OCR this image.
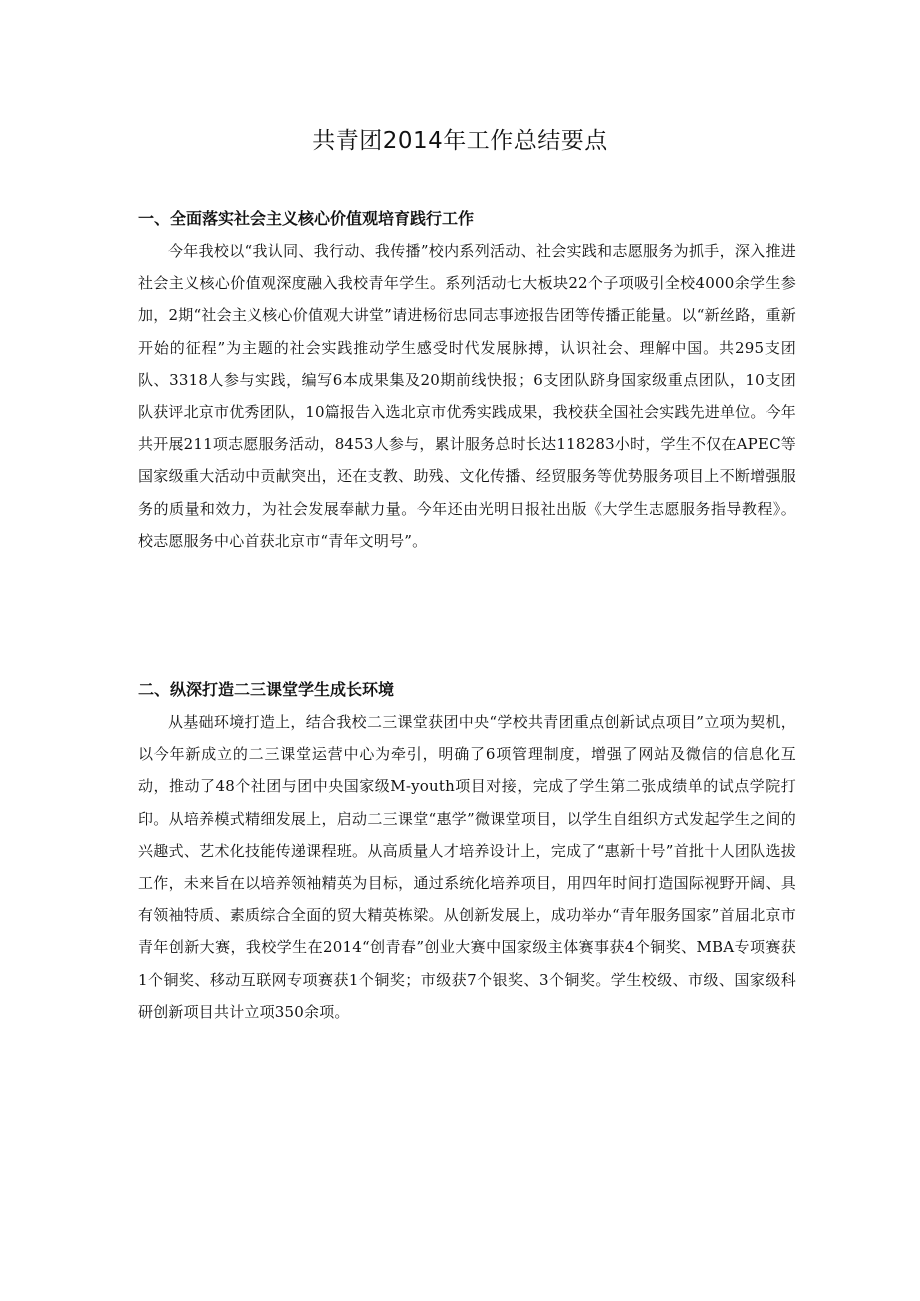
共青团2014年工作总结要点
一、全面落实社会主义核心价值观培育践行工作

今年我校以“我认同、我行动、我传播”校内系列活动、社会实践和志愿服务为抓手，深入推进社会主义核心价值观深度融入我校青年学生。系列活动七大板块22个子项吸引全校4000余学生参加，2期“社会主义核心价值观大讲堂”请进杨衍忠同志事迹报告团等传播正能量。以“新丝路，重新开始的征程”为主题的社会实践推动学生感受时代发展脉搏，认识社会、理解中国。共295支团队、3318人参与实践，编写6本成果集及20期前线快报；6支团队跻身国家级重点团队，10支团队获评北京市优秀团队，10篇报告入选北京市优秀实践成果，我校获全国社会实践先进单位。今年共开展211项志愿服务活动，8453人参与，累计服务总时长达118283小时，学生不仅在APEC等国家级重大活动中贡献突出，还在支教、助残、文化传播、经贸服务等优势服务项目上不断增强服务的质量和效力，为社会发展奉献力量。今年还由光明日报社出版《大学生志愿服务指导教程》。校志愿服务中心首获北京市“青年文明号”。

二、纵深打造二三课堂学生成长环境

从基础环境打造上，结合我校二三课堂获团中央“学校共青团重点创新试点项目”立项为契机，以今年新成立的二三课堂运营中心为牵引，明确了6项管理制度，增强了网站及微信的信息化互动，推动了48个社团与团中央国家级M-youth项目对接，完成了学生第二张成绩单的试点学院打印。从培养模式精细发展上，启动二三课堂“惠学”微课堂项目，以学生自组织方式发起学生之间的兴趣式、艺术化技能传递课程班。从高质量人才培养设计上，完成了“惠新十号”首批十人团队选拔工作，未来旨在以培养领袖精英为目标，通过系统化培养项目，用四年时间打造国际视野开阔、具有领袖特质、素质综合全面的贸大精英栋梁。从创新发展上，成功举办“青年服务国家”首届北京市青年创新大赛，我校学生在2014“创青春”创业大赛中国家级主体赛事获4个铜奖、MBA专项赛获1个铜奖、移动互联网专项赛获1个铜奖；市级获7个银奖、3个铜奖。学生校级、市级、国家级科研创新项目共计立项350余项。
